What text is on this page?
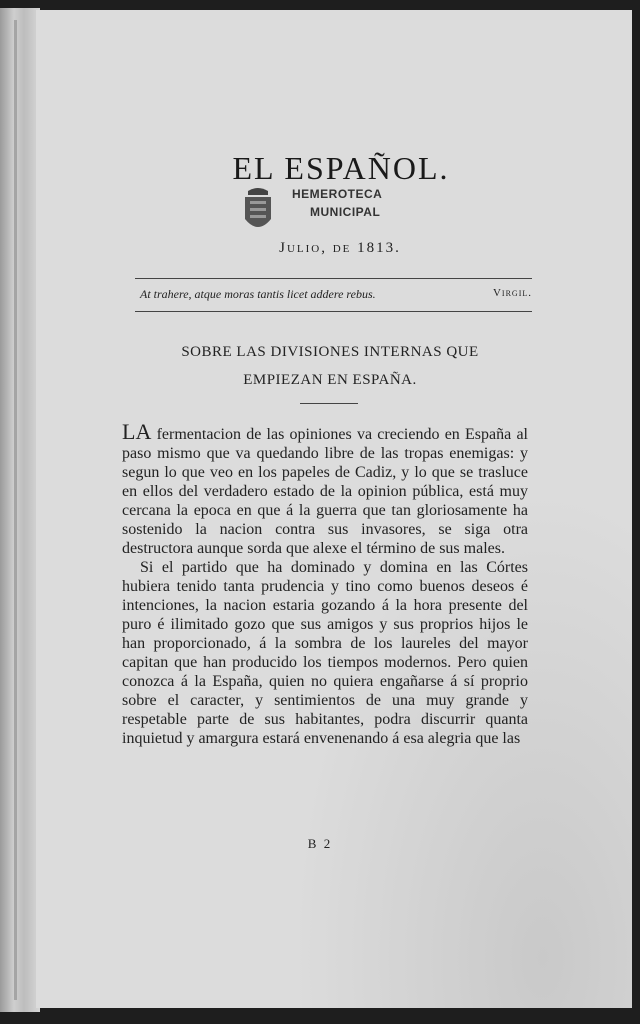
EL ESPAÑOL.
HEMEROTECA
MUNICIPAL
Julio, de 1813.
At trahere, atque moras tantis licet addere rebus.	Virgil.
SOBRE LAS DIVISIONES INTERNAS QUE
EMPIEZAN EN ESPAÑA.

LA fermentacion de las opiniones va creciendo en España al paso mismo que va quedando libre de las tropas enemigas: y segun lo que veo en los papeles de Cadiz, y lo que se trasluce en ellos del verdadero estado de la opinion pública, está muy cercana la epoca en que á la guerra que tan gloriosamente ha sostenido la nacion contra sus invasores, se siga otra destructora aunque sorda que alexe el término de sus males.

Si el partido que ha dominado y domina en las Córtes hubiera tenido tanta prudencia y tino como buenos deseos é intenciones, la nacion estaria gozando á la hora presente del puro é ilimitado gozo que sus amigos y sus proprios hijos le han proporcionado, á la sombra de los laureles del mayor capitan que han producido los tiempos modernos. Pero quien conozca á la España, quien no quiera engañarse á sí proprio sobre el caracter, y sentimientos de una muy grande y respetable parte de sus habitantes, podra discurrir quanta inquietud y amargura estará envenenando á esa alegria que las

B 2
